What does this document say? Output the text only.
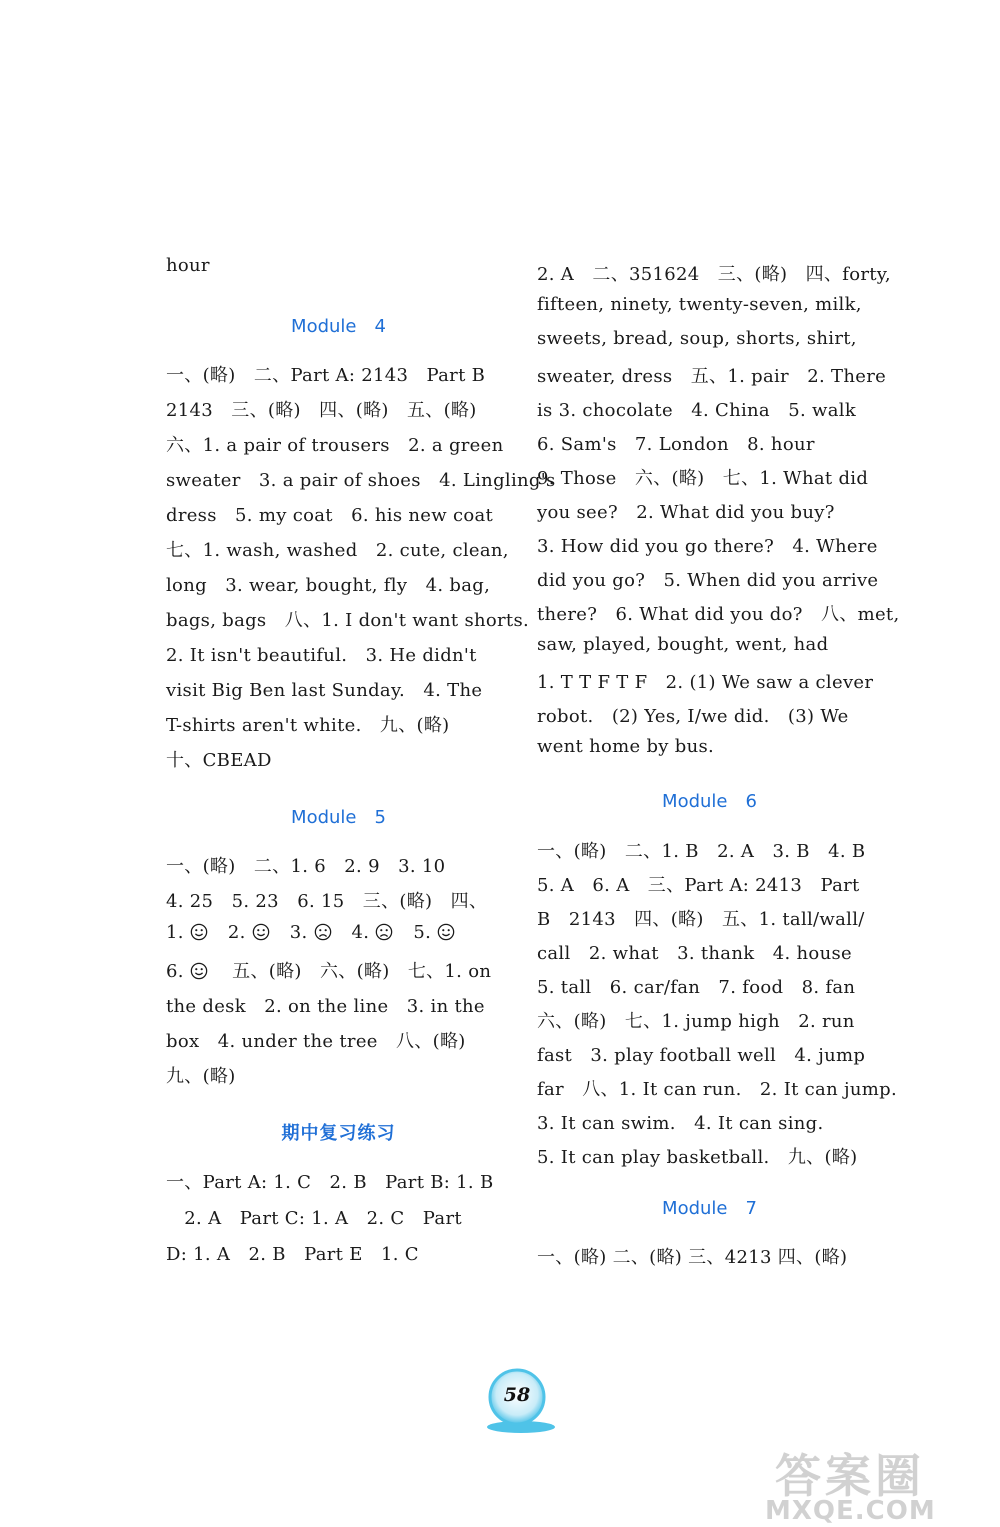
hour
Module　4
一、(略)　二、Part A: 2143　Part B
2143　三、(略)　四、(略)　五、(略)
六、1. a pair of trousers　2. a green
sweater　3. a pair of shoes　4. Lingling's
dress　5. my coat　6. his new coat
七、1. wash, washed　2. cute, clean,
long　3. wear, bought, fly　4. bag,
bags, bags　八、1. I don't want shorts.
2. It isn't beautiful.　3. He didn't
visit Big Ben last Sunday.　4. The
T-shirts aren't white.　九、(略)
十、CBEAD
Module　5
一、(略)　二、1. 6　2. 9　3. 10
4. 25　5. 23　6. 15　三、(略)　四、
1. 2. 3. 4. 5.
6.  　五、(略)　六、(略)　七、1. on
the desk　2. on the line　3. in the
box　4. under the tree　八、(略)
九、(略)
期中复习练习
一、Part A: 1. C　2. B　Part B: 1. B
　2. A　Part C: 1. A　2. C　Part
D: 1. A　2. B　Part E　1. C
2. A　二、351624　三、(略)　四、forty,
fifteen, ninety, twenty-seven, milk,
sweets, bread, soup, shorts, shirt,
sweater, dress　五、1. pair　2. There
is 3. chocolate　4. China　5. walk
6. Sam's　7. London　8. hour
9. Those　六、(略)　七、1. What did
you see?　2. What did you buy?
3. How did you go there?　4. Where
did you go?　5. When did you arrive
there?　6. What did you do?　八、met,
saw, played, bought, went, had
1. T T F T F　2. (1) We saw a clever
robot.　(2) Yes, I/we did.　(3) We
went home by bus.
Module　6
一、(略)　二、1. B　2. A　3. B　4. B
5. A　6. A　三、Part A: 2413　Part
B　2143　四、(略)　五、1. tall/wall/
call　2. what　3. thank　4. house
5. tall　6. car/fan　7. food　8. fan
六、(略)　七、1. jump high　2. run
fast　3. play football well　4. jump
far　八、1. It can run.　2. It can jump.
3. It can swim.　4. It can sing.
5. It can play basketball.　九、(略)
Module　7
一、(略) 二、(略) 三、4213 四、(略)
58
答案圈
MXQE.COM
